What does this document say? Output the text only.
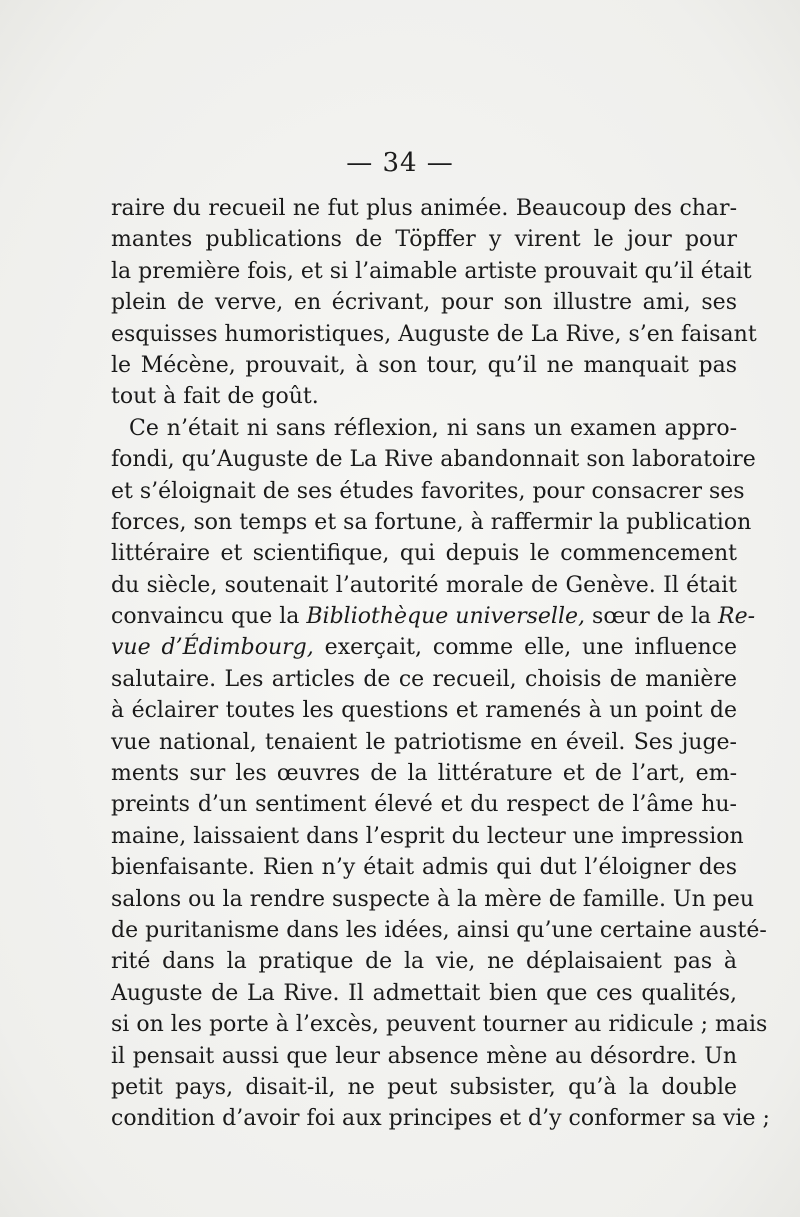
— 34 —
raire du recueil ne fut plus animée. Beaucoup des char-
mantes publications de Töpffer y virent le jour pour
la première fois, et si l’aimable artiste prouvait qu’il était
plein de verve, en écrivant, pour son illustre ami, ses
esquisses humoristiques, Auguste de La Rive, s’en faisant
le Mécène, prouvait, à son tour, qu’il ne manquait pas
tout à fait de goût.
Ce n’était ni sans réflexion, ni sans un examen appro-
fondi, qu’Auguste de La Rive abandonnait son laboratoire
et s’éloignait de ses études favorites, pour consacrer ses
forces, son temps et sa fortune, à raffermir la publication
littéraire et scientifique, qui depuis le commencement
du siècle, soutenait l’autorité morale de Genève. Il était
convaincu que la Bibliothèque universelle, sœur de la Re-
vue d’Édimbourg, exerçait, comme elle, une influence
salutaire. Les articles de ce recueil, choisis de manière
à éclairer toutes les questions et ramenés à un point de
vue national, tenaient le patriotisme en éveil. Ses juge-
ments sur les œuvres de la littérature et de l’art, em-
preints d’un sentiment élevé et du respect de l’âme hu-
maine, laissaient dans l’esprit du lecteur une impression
bienfaisante. Rien n’y était admis qui dut l’éloigner des
salons ou la rendre suspecte à la mère de famille. Un peu
de puritanisme dans les idées, ainsi qu’une certaine austé-
rité dans la pratique de la vie, ne déplaisaient pas à
Auguste de La Rive. Il admettait bien que ces qualités,
si on les porte à l’excès, peuvent tourner au ridicule ; mais
il pensait aussi que leur absence mène au désordre. Un
petit pays, disait-il, ne peut subsister, qu’à la double
condition d’avoir foi aux principes et d’y conformer sa vie ;
